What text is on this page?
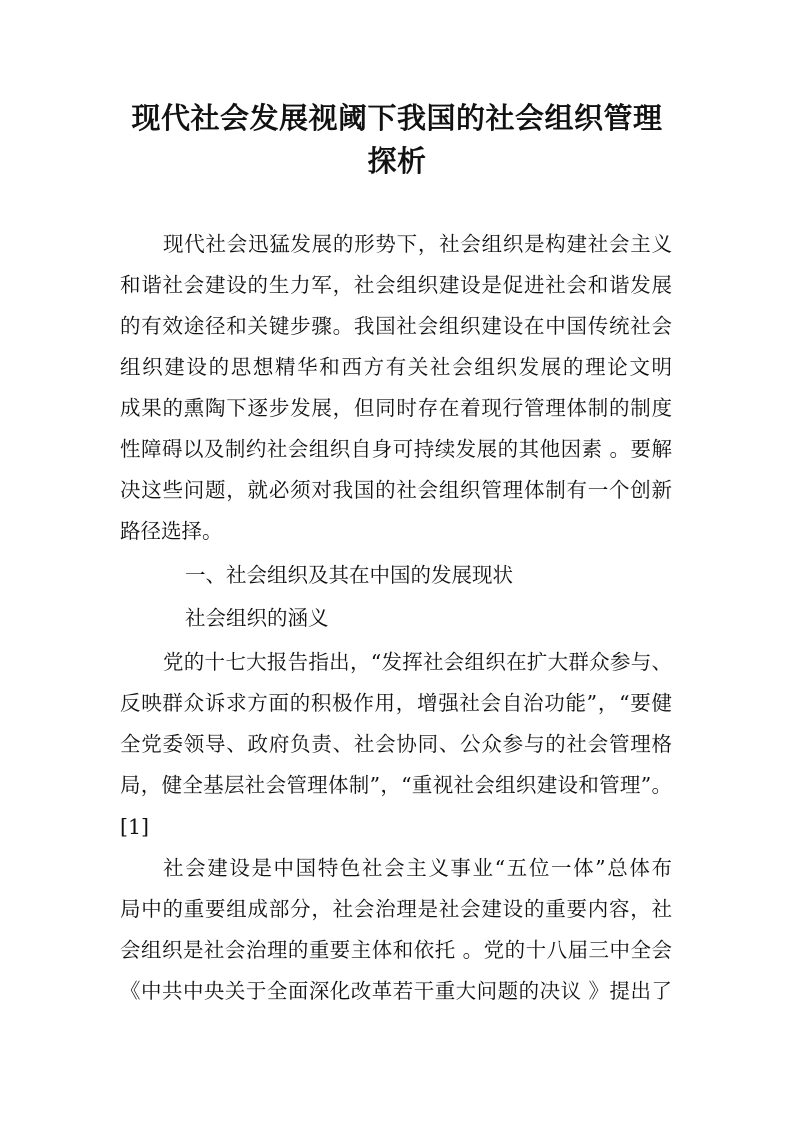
现代社会发展视阈下我国的社会组织管理
探析
现代社会迅猛发展的形势下，社会组织是构建社会主义
和谐社会建设的生力军，社会组织建设是促进社会和谐发展
的有效途径和关键步骤。我国社会组织建设在中国传统社会
组织建设的思想精华和西方有关社会组织发展的理论文明
成果的熏陶下逐步发展，但同时存在着现行管理体制的制度
性障碍以及制约社会组织自身可持续发展的其他因素 。要解
决这些问题，就必须对我国的社会组织管理体制有一个创新
路径选择。
一、社会组织及其在中国的发展现状
社会组织的涵义
党的十七大报告指出，“发挥社会组织在扩大群众参与、
反映群众诉求方面的积极作用，增强社会自治功能”，“要健
全党委领导、政府负责、社会协同、公众参与的社会管理格
局，健全基层社会管理体制”，“重视社会组织建设和管理”。
[1]
社会建设是中国特色社会主义事业“五位一体”总体布
局中的重要组成部分，社会治理是社会建设的重要内容，社
会组织是社会治理的重要主体和依托 。党的十八届三中全会
《中共中央关于全面深化改革若干重大问题的决议 》提出了
